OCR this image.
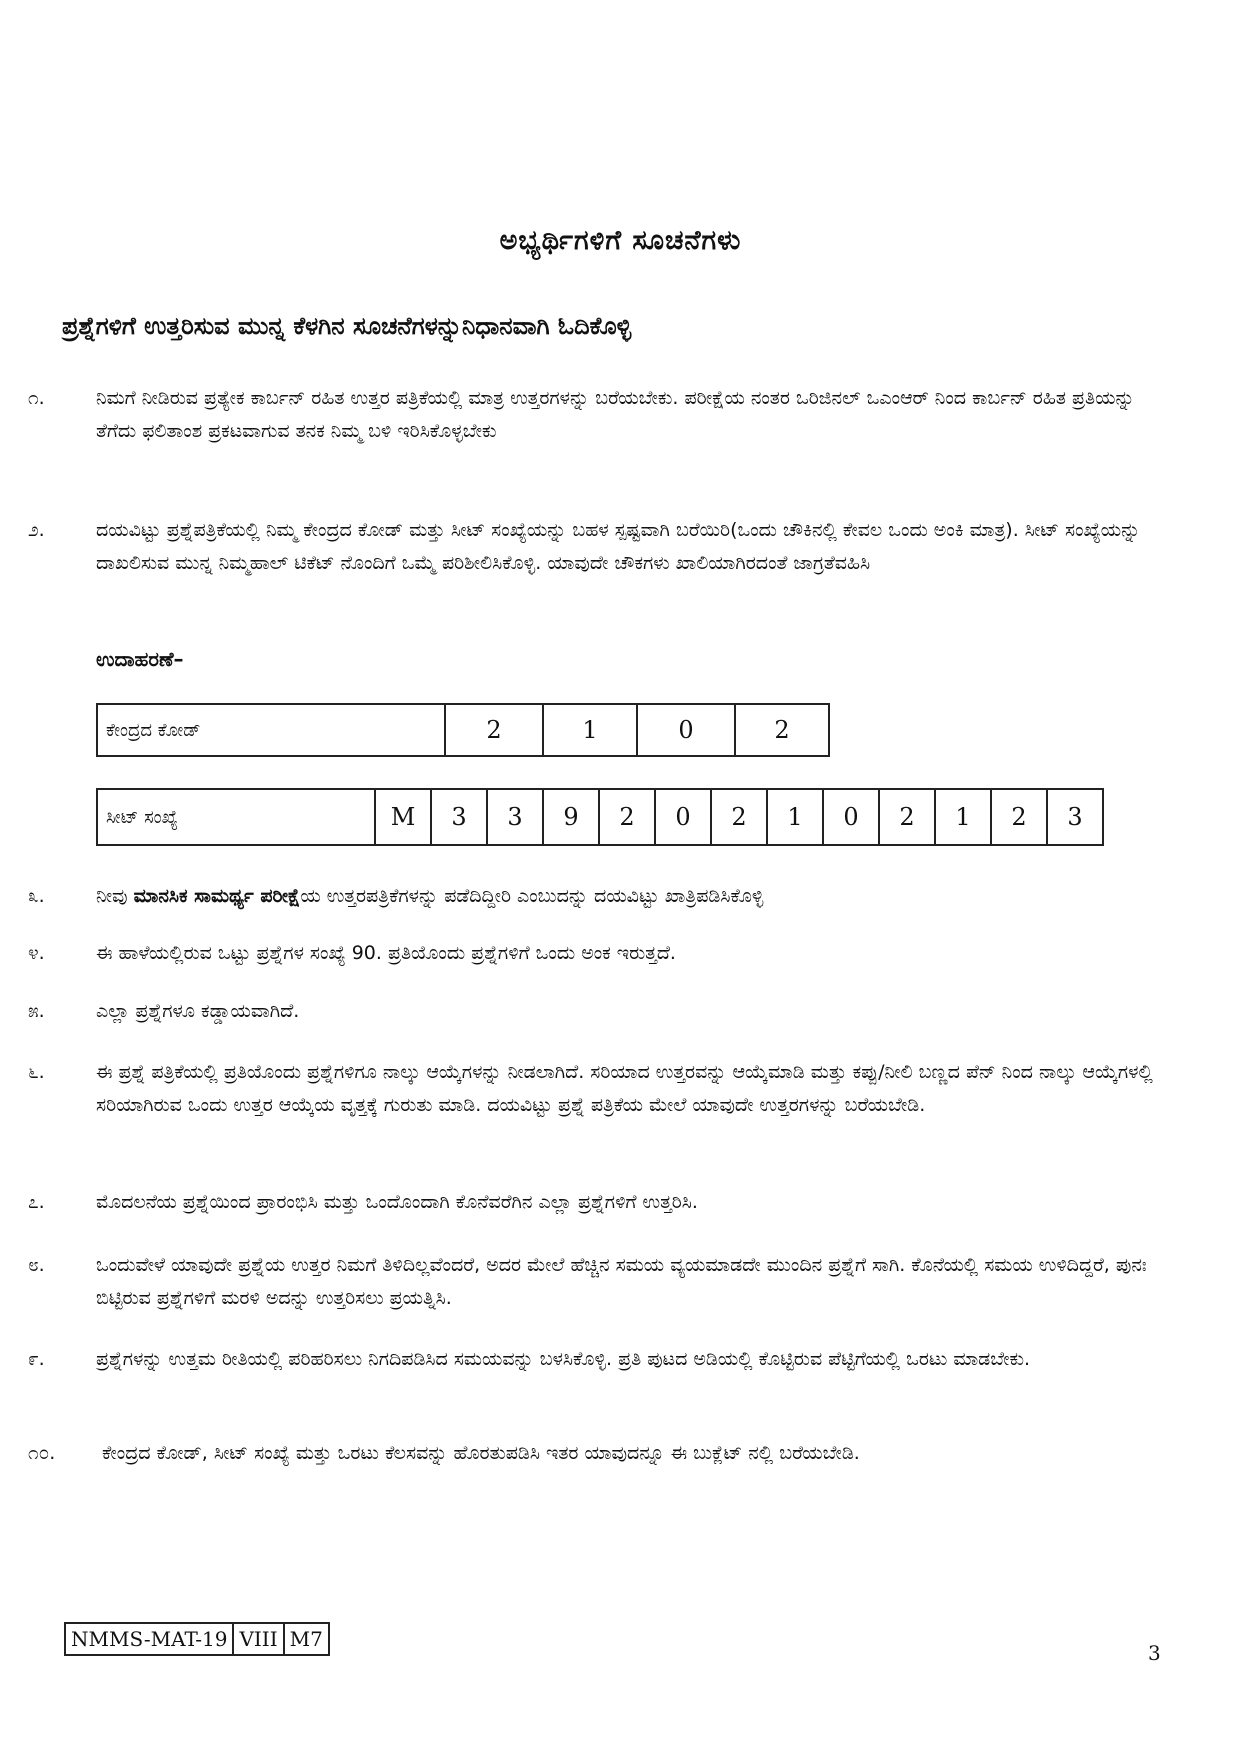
ಅಭ್ಯರ್ಥಿಗಳಿಗೆ ಸೂಚನೆಗಳು
ಪ್ರಶ್ನೆಗಳಿಗೆ ಉತ್ತರಿಸುವ ಮುನ್ನ ಕೆಳಗಿನ ಸೂಚನೆಗಳನ್ನುನಿಧಾನವಾಗಿ ಓದಿಕೊಳ್ಳಿ
೧.	ನಿಮಗೆ ನೀಡಿರುವ ಪ್ರತ್ಯೇಕ ಕಾರ್ಬನ್ ರಹಿತ ಉತ್ತರ ಪತ್ರಿಕೆಯಲ್ಲಿ ಮಾತ್ರ ಉತ್ತರಗಳನ್ನು ಬರೆಯಬೇಕು. ಪರೀಕ್ಷೆಯ ನಂತರ ಒರಿಜಿನಲ್ ಒಎಂಆರ್ ನಿಂದ ಕಾರ್ಬನ್ ರಹಿತ ಪ್ರತಿಯನ್ನು ತೆಗೆದು ಫಲಿತಾಂಶ ಪ್ರಕಟವಾಗುವ ತನಕ ನಿಮ್ಮ ಬಳಿ ಇರಿಸಿಕೊಳ್ಳಬೇಕು
೨.	ದಯವಿಟ್ಟು ಪ್ರಶ್ನೆಪತ್ರಿಕೆಯಲ್ಲಿ ನಿಮ್ಮ ಕೇಂದ್ರದ ಕೋಡ್ ಮತ್ತು ಸೀಟ್ ಸಂಖ್ಯೆಯನ್ನು ಬಹಳ ಸ್ಪಷ್ಟವಾಗಿ ಬರೆಯಿರಿ(ಒಂದು ಚೌಕಿನಲ್ಲಿ ಕೇವಲ ಒಂದು ಅಂಕಿ ಮಾತ್ರ). ಸೀಟ್ ಸಂಖ್ಯೆಯನ್ನು ದಾಖಲಿಸುವ ಮುನ್ನ ನಿಮ್ಮಹಾಲ್ ಟಿಕೆಟ್ ನೊಂದಿಗೆ ಒಮ್ಮೆ ಪರಿಶೀಲಿಸಿಕೊಳ್ಳಿ. ಯಾವುದೇ ಚೌಕಗಳು ಖಾಲಿಯಾಗಿರದಂತೆ ಜಾಗ್ರತೆವಹಿಸಿ
ಉದಾಹರಣೆ–
ಕೇಂದ್ರದ ಕೋಡ್	2	1	0	2
ಸೀಟ್ ಸಂಖ್ಯೆ	M	3	3	9	2	0	2	1	0	2	1	2	3
೩.	ನೀವು ಮಾನಸಿಕ ಸಾಮರ್ಥ್ಯ ಪರೀಕ್ಷೆಯ ಉತ್ತರಪತ್ರಿಕೆಗಳನ್ನು ಪಡೆದಿದ್ದೀರಿ ಎಂಬುದನ್ನು ದಯವಿಟ್ಟು ಖಾತ್ರಿಪಡಿಸಿಕೊಳ್ಳಿ
೪.	ಈ ಹಾಳೆಯಲ್ಲಿರುವ ಒಟ್ಟು ಪ್ರಶ್ನೆಗಳ ಸಂಖ್ಯೆ 90. ಪ್ರತಿಯೊಂದು ಪ್ರಶ್ನೆಗಳಿಗೆ ಒಂದು ಅಂಕ ಇರುತ್ತದೆ.
೫.	ಎಲ್ಲಾ ಪ್ರಶ್ನೆಗಳೂ ಕಡ್ಡಾಯವಾಗಿದೆ.
೬.	ಈ ಪ್ರಶ್ನೆ ಪತ್ರಿಕೆಯಲ್ಲಿ ಪ್ರತಿಯೊಂದು ಪ್ರಶ್ನೆಗಳಿಗೂ ನಾಲ್ಕು ಆಯ್ಕೆಗಳನ್ನು ನೀಡಲಾಗಿದೆ. ಸರಿಯಾದ ಉತ್ತರವನ್ನು ಆಯ್ಕೆಮಾಡಿ ಮತ್ತು ಕಪ್ಪು/ನೀಲಿ ಬಣ್ಣದ ಪೆನ್ ನಿಂದ ನಾಲ್ಕು ಆಯ್ಕೆಗಳಲ್ಲಿ ಸರಿಯಾಗಿರುವ ಒಂದು ಉತ್ತರ ಆಯ್ಕೆಯ ವೃತ್ತಕ್ಕೆ ಗುರುತು ಮಾಡಿ. ದಯವಿಟ್ಟು ಪ್ರಶ್ನೆ ಪತ್ರಿಕೆಯ ಮೇಲೆ ಯಾವುದೇ ಉತ್ತರಗಳನ್ನು ಬರೆಯಬೇಡಿ.
೭.	ಮೊದಲನೆಯ ಪ್ರಶ್ನೆಯಿಂದ ಪ್ರಾರಂಭಿಸಿ ಮತ್ತು ಒಂದೊಂದಾಗಿ ಕೊನೆವರೆಗಿನ ಎಲ್ಲಾ ಪ್ರಶ್ನೆಗಳಿಗೆ ಉತ್ತರಿಸಿ.
೮.	ಒಂದುವೇಳೆ ಯಾವುದೇ ಪ್ರಶ್ನೆಯ ಉತ್ತರ ನಿಮಗೆ ತಿಳಿದಿಲ್ಲವೆಂದರೆ, ಅದರ ಮೇಲೆ ಹೆಚ್ಚಿನ ಸಮಯ ವ್ಯಯಮಾಡದೇ ಮುಂದಿನ ಪ್ರಶ್ನೆಗೆ ಸಾಗಿ. ಕೊನೆಯಲ್ಲಿ ಸಮಯ ಉಳಿದಿದ್ದರೆ, ಪುನಃ ಬಿಟ್ಟಿರುವ ಪ್ರಶ್ನೆಗಳಿಗೆ ಮರಳಿ ಅದನ್ನು ಉತ್ತರಿಸಲು ಪ್ರಯತ್ನಿಸಿ.
೯.	ಪ್ರಶ್ನೆಗಳನ್ನು ಉತ್ತಮ ರೀತಿಯಲ್ಲಿ ಪರಿಹರಿಸಲು ನಿಗದಿಪಡಿಸಿದ ಸಮಯವನ್ನು ಬಳಸಿಕೊಳ್ಳಿ. ಪ್ರತಿ ಪುಟದ ಅಡಿಯಲ್ಲಿ ಕೊಟ್ಟಿರುವ ಪೆಟ್ಟಿಗೆಯಲ್ಲಿ ಒರಟು ಮಾಡಬೇಕು.
೧೦. ಕೇಂದ್ರದ ಕೋಡ್, ಸೀಟ್ ಸಂಖ್ಯೆ ಮತ್ತು ಒರಟು ಕೆಲಸವನ್ನು ಹೊರತುಪಡಿಸಿ ಇತರ ಯಾವುದನ್ನೂ ಈ ಬುಕ್ಲೆಟ್ ನಲ್ಲಿ ಬರೆಯಬೇಡಿ.
NMMS-MAT-19	VIII	M7
3
